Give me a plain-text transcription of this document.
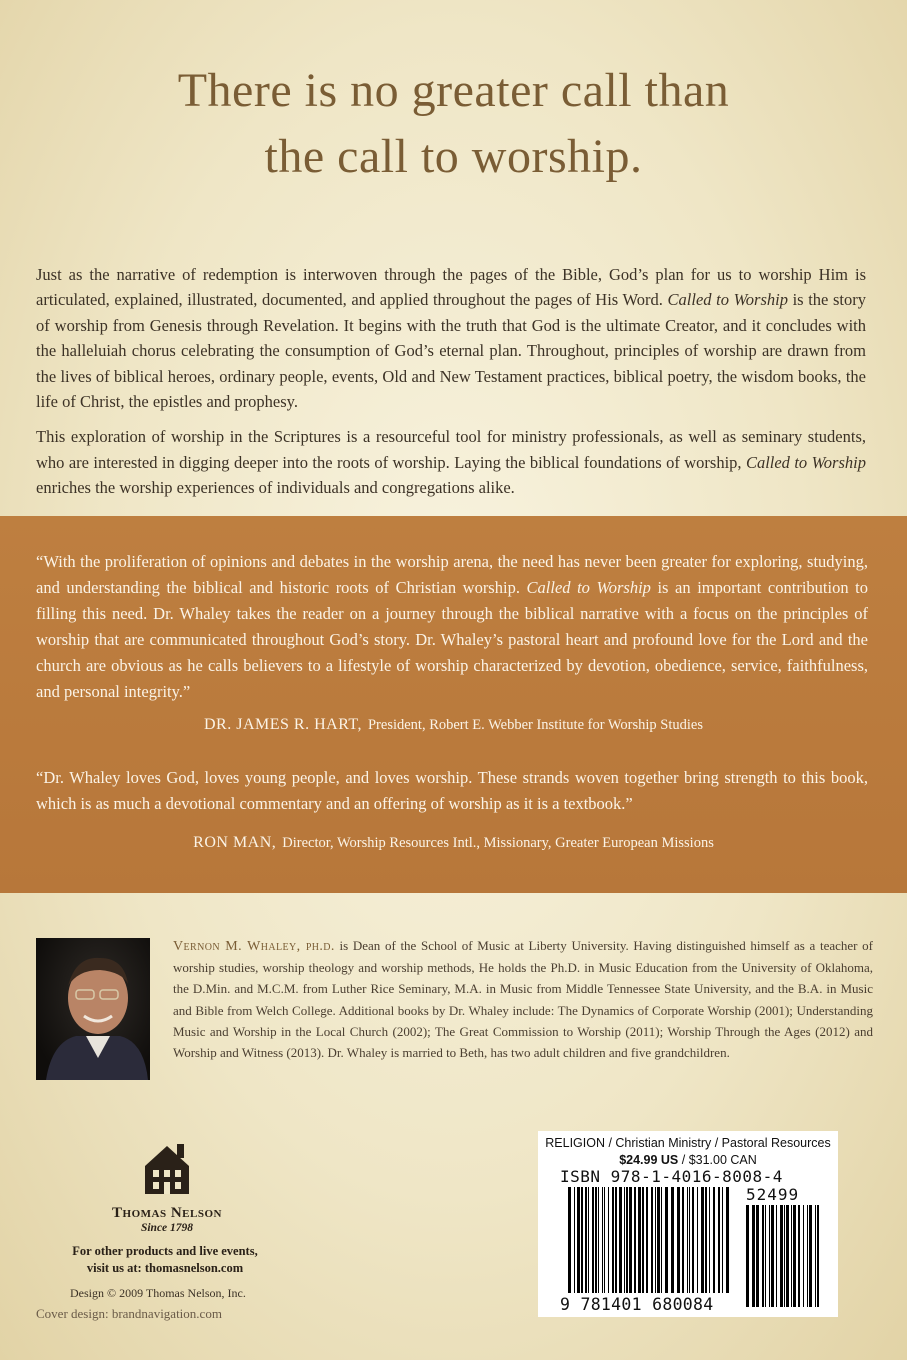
There is no greater call than
the call to worship.

Just as the narrative of redemption is interwoven through the pages of the Bible, God’s plan for us to worship Him is articulated, explained, illustrated, documented, and applied throughout the pages of His Word. Called to Worship is the story of worship from Genesis through Revelation. It begins with the truth that God is the ultimate Creator, and it concludes with the halleluiah chorus celebrating the consumption of God’s eternal plan. Throughout, principles of worship are drawn from the lives of biblical heroes, ordinary people, events, Old and New Testament practices, biblical poetry, the wisdom books, the life of Christ, the epistles and prophesy.

This exploration of worship in the Scriptures is a resourceful tool for ministry professionals, as well as seminary students, who are interested in digging deeper into the roots of worship. Laying the biblical foundations of worship, Called to Worship enriches the worship experiences of individuals and congregations alike.

“With the proliferation of opinions and debates in the worship arena, the need has never been greater for exploring, studying, and understanding the biblical and historic roots of Christian worship. Called to Worship is an important contribution to filling this need. Dr. Whaley takes the reader on a journey through the biblical narrative with a focus on the principles of worship that are communicated throughout God’s story. Dr. Whaley’s pastoral heart and profound love for the Lord and the church are obvious as he calls believers to a lifestyle of worship characterized by devotion, obedience, service, faithfulness, and personal integrity.”
DR. JAMES R. HART, President, Robert E. Webber Institute for Worship Studies
“Dr. Whaley loves God, loves young people, and loves worship. These strands woven together bring strength to this book, which is as much a devotional commentary and an offering of worship as it is a textbook.”
RON MAN, Director, Worship Resources Intl., Missionary, Greater European Missions
Vernon M. Whaley, ph.d. is Dean of the School of Music at Liberty University. Having distinguished himself as a teacher of worship studies, worship theology and worship methods, He holds the Ph.D. in Music Education from the University of Oklahoma, the D.Min. and M.C.M. from Luther Rice Seminary, M.A. in Music from Middle Tennessee State University, and the B.A. in Music and Bible from Welch College. Additional books by Dr. Whaley include: The Dynamics of Corporate Worship (2001); Understanding Music and Worship in the Local Church (2002); The Great Commission to Worship (2011); Worship Through the Ages (2012) and Worship and Witness (2013). Dr. Whaley is married to Beth, has two adult children and five grandchildren.
Thomas Nelson
Since 1798
For other products and live events,
visit us at: thomasnelson.com
Design © 2009 Thomas Nelson, Inc.
Cover design: brandnavigation.com
RELIGION / Christian Ministry / Pastoral Resources
$24.99 US / $31.00 CAN
ISBN 978-1-4016-8008-4
52499
9 781401 680084
